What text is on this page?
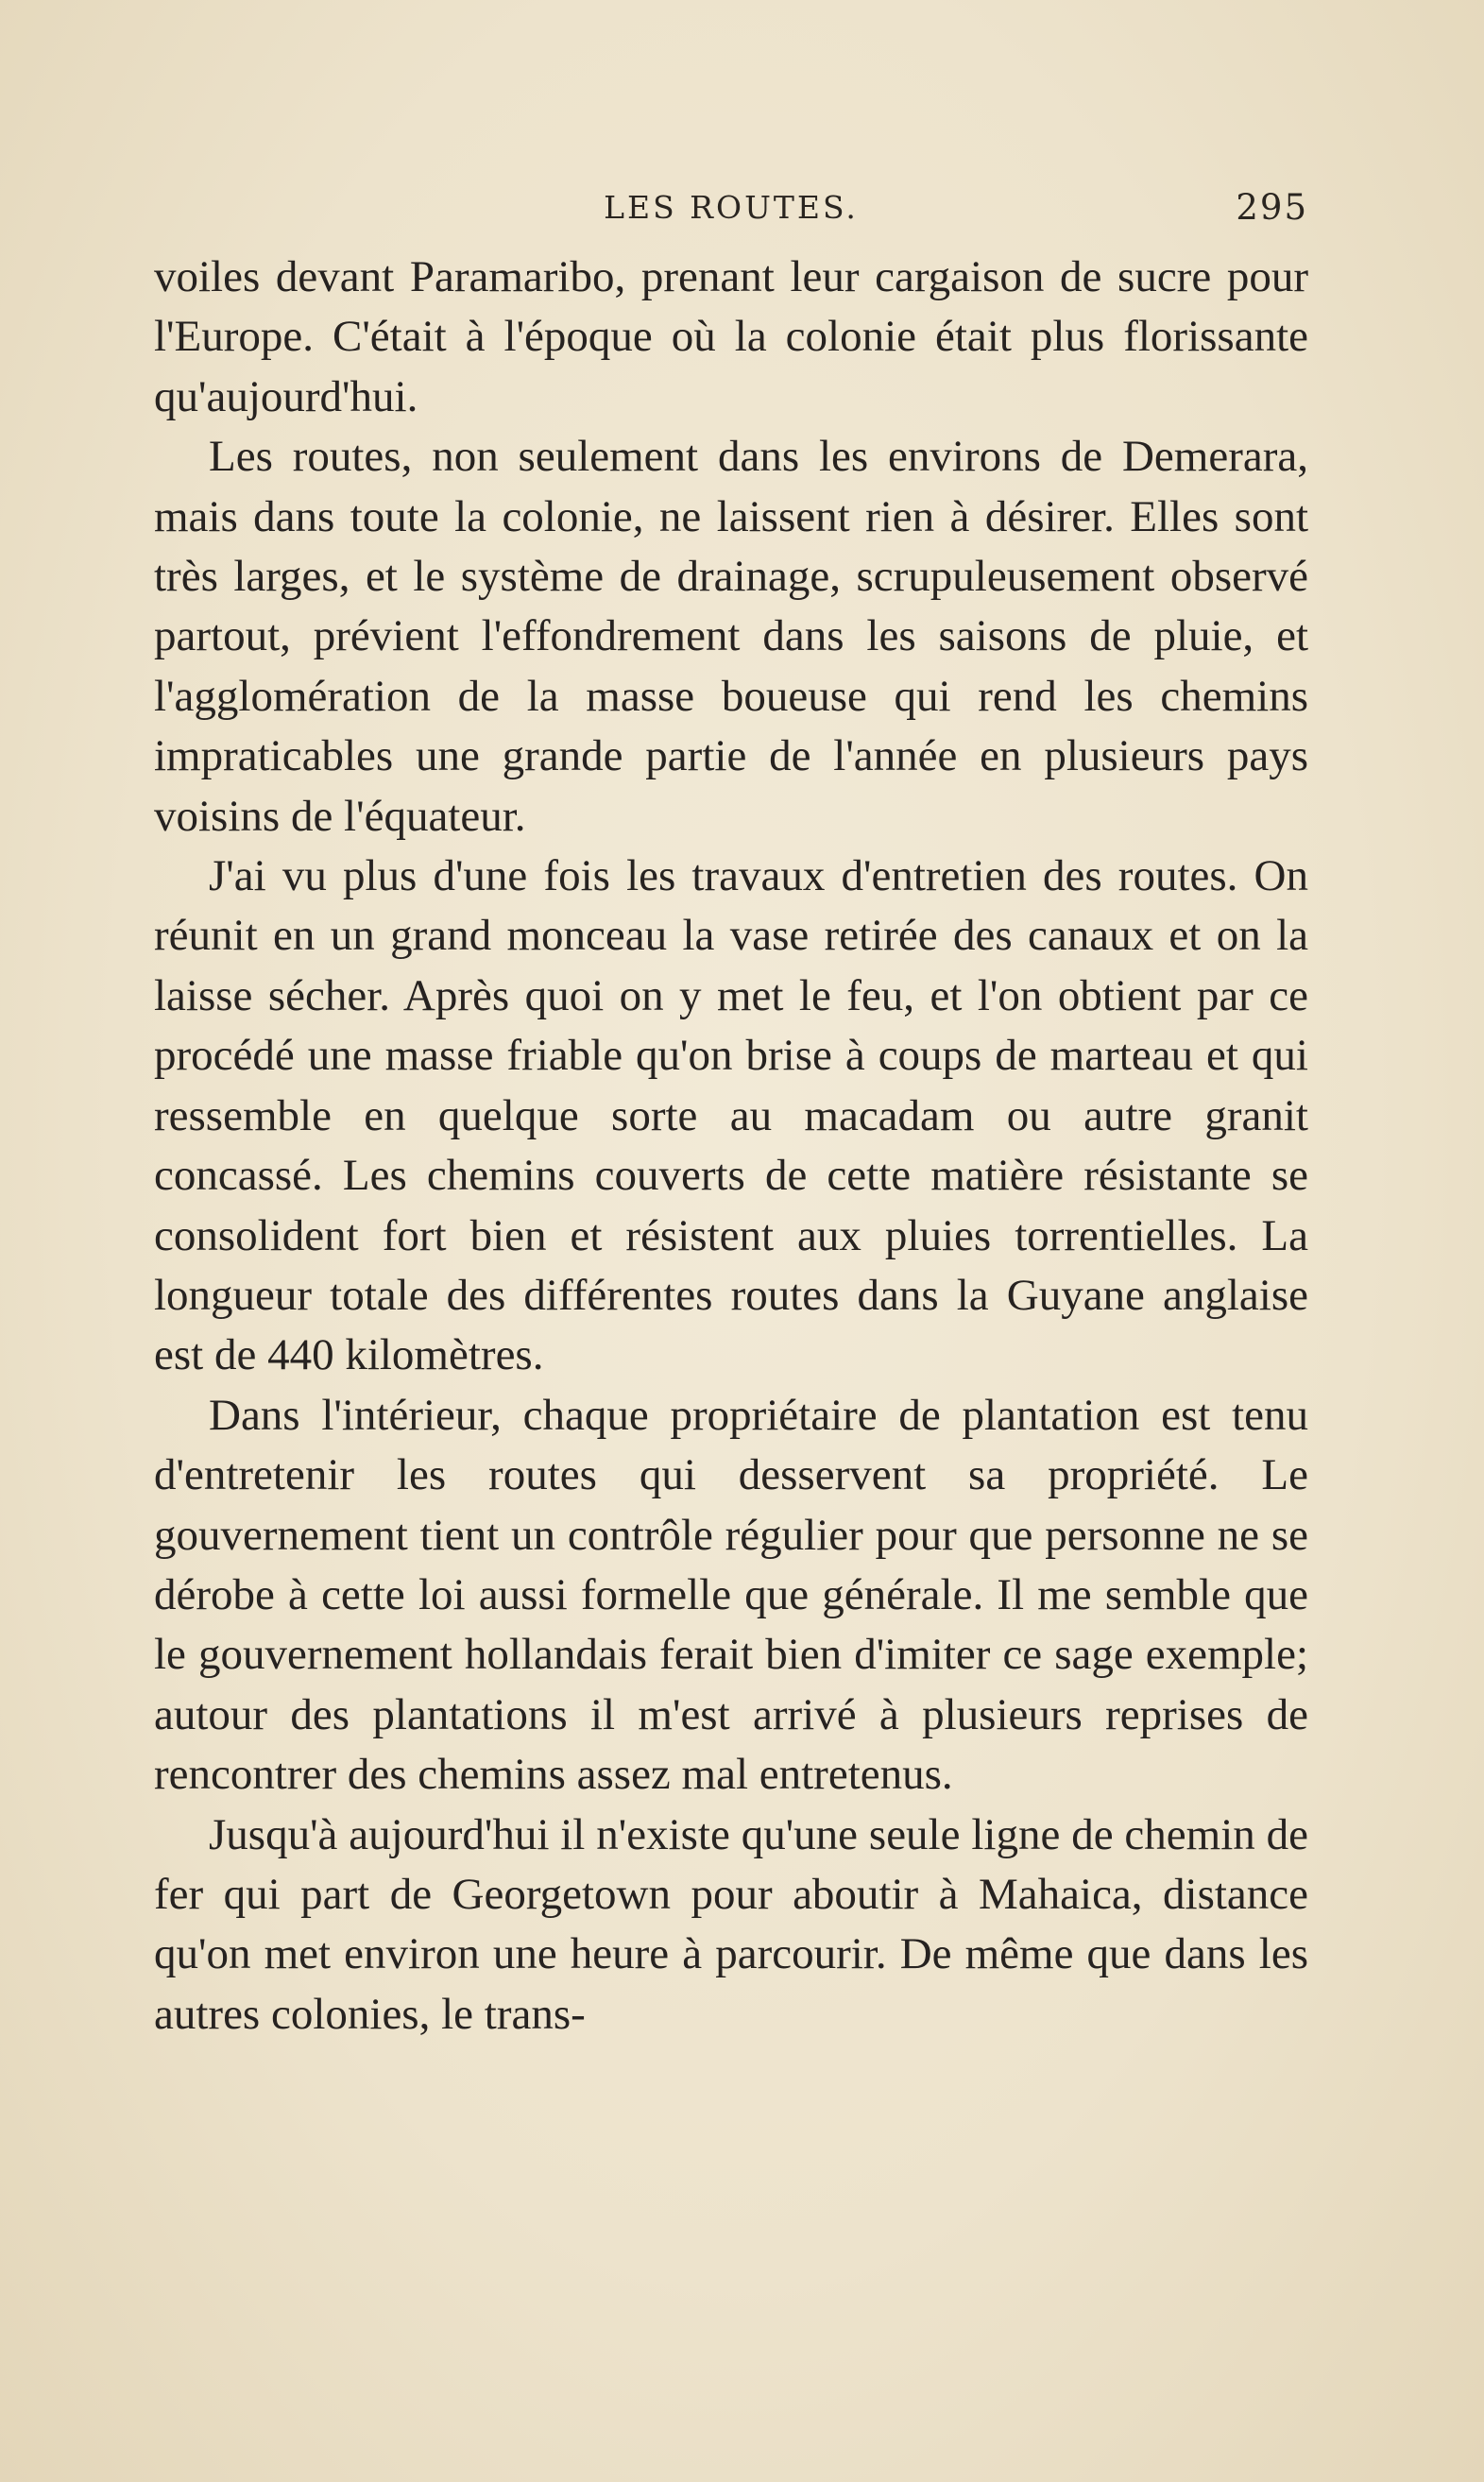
LES ROUTES.	295

voiles devant Paramaribo, prenant leur cargaison de sucre pour l'Europe. C'était à l'époque où la colonie était plus florissante qu'aujourd'hui.

Les routes, non seulement dans les environs de Demerara, mais dans toute la colonie, ne laissent rien à désirer. Elles sont très larges, et le système de drainage, scrupuleusement observé partout, prévient l'effondrement dans les saisons de pluie, et l'agglomération de la masse boueuse qui rend les chemins impraticables une grande partie de l'année en plusieurs pays voisins de l'équateur.

J'ai vu plus d'une fois les travaux d'entretien des routes. On réunit en un grand monceau la vase retirée des canaux et on la laisse sécher. Après quoi on y met le feu, et l'on obtient par ce procédé une masse friable qu'on brise à coups de marteau et qui ressemble en quelque sorte au macadam ou autre granit concassé. Les chemins couverts de cette matière résistante se consolident fort bien et résistent aux pluies torrentielles. La longueur totale des différentes routes dans la Guyane anglaise est de 440 kilomètres.

Dans l'intérieur, chaque propriétaire de plantation est tenu d'entretenir les routes qui desservent sa propriété. Le gouvernement tient un contrôle régulier pour que personne ne se dérobe à cette loi aussi formelle que générale. Il me semble que le gouvernement hollandais ferait bien d'imiter ce sage exemple; autour des plantations il m'est arrivé à plusieurs reprises de rencontrer des chemins assez mal entretenus.

Jusqu'à aujourd'hui il n'existe qu'une seule ligne de chemin de fer qui part de Georgetown pour aboutir à Mahaica, distance qu'on met environ une heure à parcourir. De même que dans les autres colonies, le trans-
